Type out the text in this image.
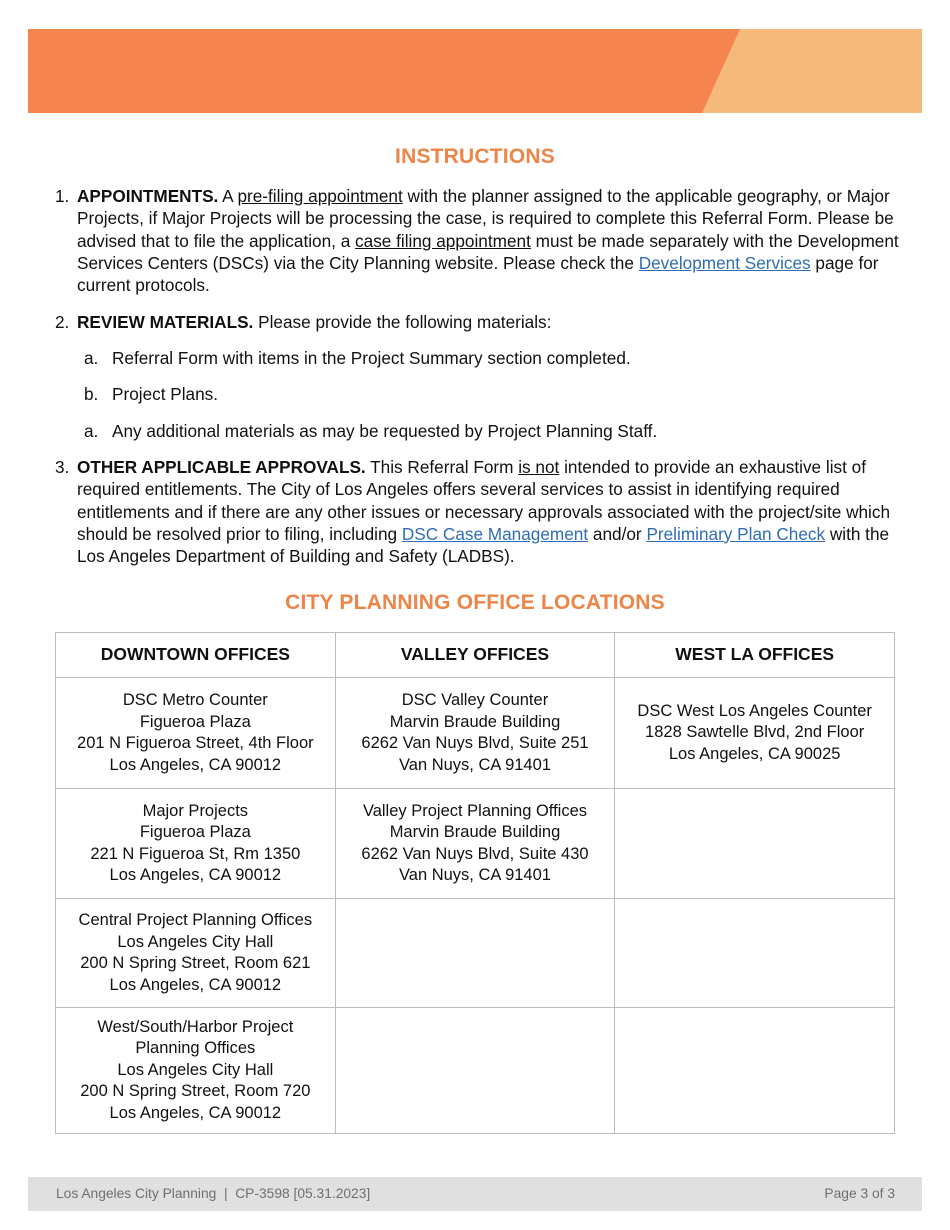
INSTRUCTIONS
1. APPOINTMENTS. A pre-filing appointment with the planner assigned to the applicable geography, or Major Projects, if Major Projects will be processing the case, is required to complete this Referral Form. Please be advised that to file the application, a case filing appointment must be made separately with the Development Services Centers (DSCs) via the City Planning website. Please check the Development Services page for current protocols.
2. REVIEW MATERIALS. Please provide the following materials:
a. Referral Form with items in the Project Summary section completed.
b. Project Plans.
a. Any additional materials as may be requested by Project Planning Staff.
3. OTHER APPLICABLE APPROVALS. This Referral Form is not intended to provide an exhaustive list of required entitlements. The City of Los Angeles offers several services to assist in identifying required entitlements and if there are any other issues or necessary approvals associated with the project/site which should be resolved prior to filing, including DSC Case Management and/or Preliminary Plan Check with the Los Angeles Department of Building and Safety (LADBS).
CITY PLANNING OFFICE LOCATIONS
DOWNTOWN OFFICES	VALLEY OFFICES	WEST LA OFFICES

DSC Metro Counter
Figueroa Plaza
201 N Figueroa Street, 4th Floor
Los Angeles, CA 90012	DSC Valley Counter
Marvin Braude Building
6262 Van Nuys Blvd, Suite 251
Van Nuys, CA 91401	DSC West Los Angeles Counter
1828 Sawtelle Blvd, 2nd Floor
Los Angeles, CA 90025

Major Projects
Figueroa Plaza
221 N Figueroa St, Rm 1350
Los Angeles, CA 90012	Valley Project Planning Offices
Marvin Braude Building
6262 Van Nuys Blvd, Suite 430
Van Nuys, CA 91401	

Central Project Planning Offices
Los Angeles City Hall
200 N Spring Street, Room 621
Los Angeles, CA 90012		

West/South/Harbor Project
Planning Offices
Los Angeles City Hall
200 N Spring Street, Room 720
Los Angeles, CA 90012		

Los Angeles City Planning  |  CP-3598 [05.31.2023]	Page 3 of 3
